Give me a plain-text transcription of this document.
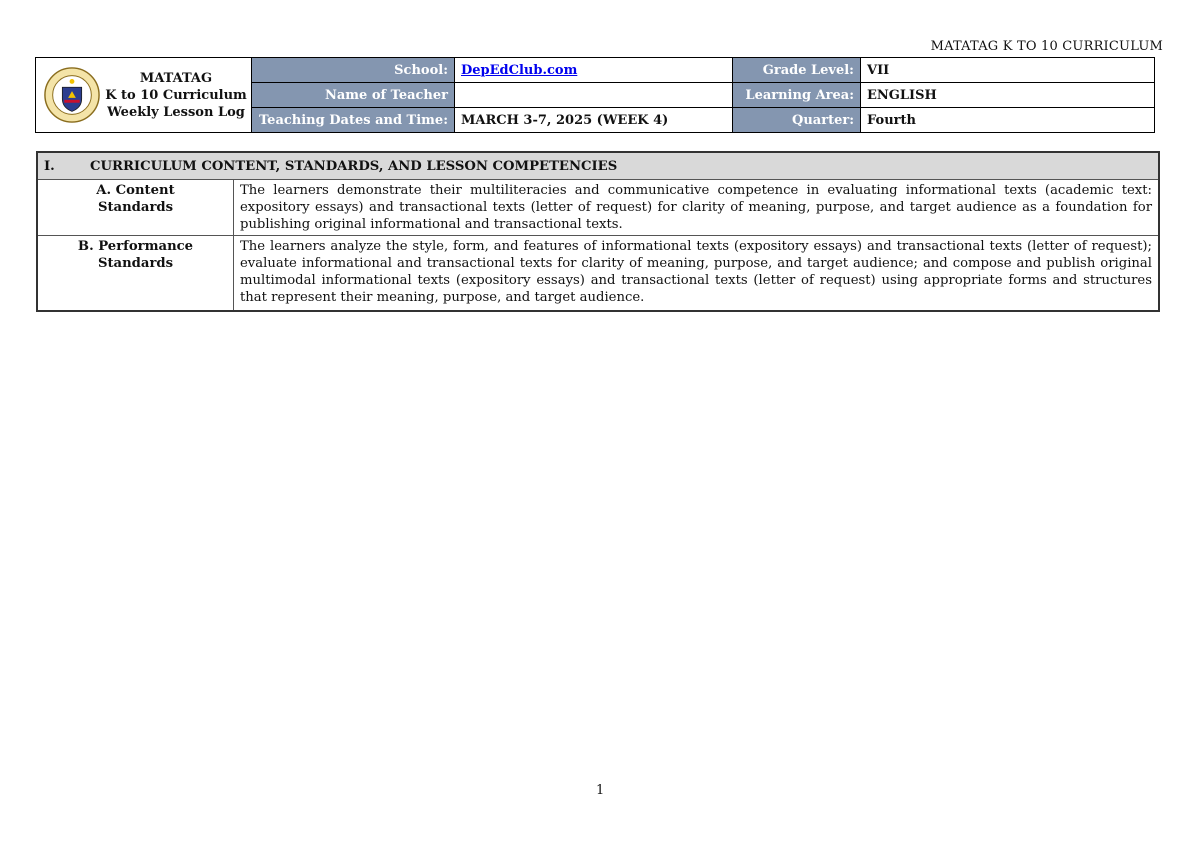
MATATAG K TO 10 CURRICULUM
MATATAG
K to 10 Curriculum
Weekly Lesson Log	School:	DepEdClub.com	Grade Level:	VII
	Name of Teacher		Learning Area:	ENGLISH
	Teaching Dates and Time:	MARCH 3-7, 2025 (WEEK 4)	Quarter:	Fourth
I. CURRICULUM CONTENT, STANDARDS, AND LESSON COMPETENCIES	

A. Content
Standards	The learners demonstrate their multiliteracies and communicative competence in evaluating informational texts (academic text: expository essays) and transactional texts (letter of request) for clarity of meaning, purpose, and target audience as a foundation for publishing original informational and transactional texts.

B. Performance
Standards	The learners analyze the style, form, and features of informational texts (expository essays) and transactional texts (letter of request); evaluate informational and transactional texts for clarity of meaning, purpose, and target audience; and compose and publish original multimodal informational texts (expository essays) and transactional texts (letter of request) using appropriate forms and structures that represent their meaning, purpose, and target audience.
1
